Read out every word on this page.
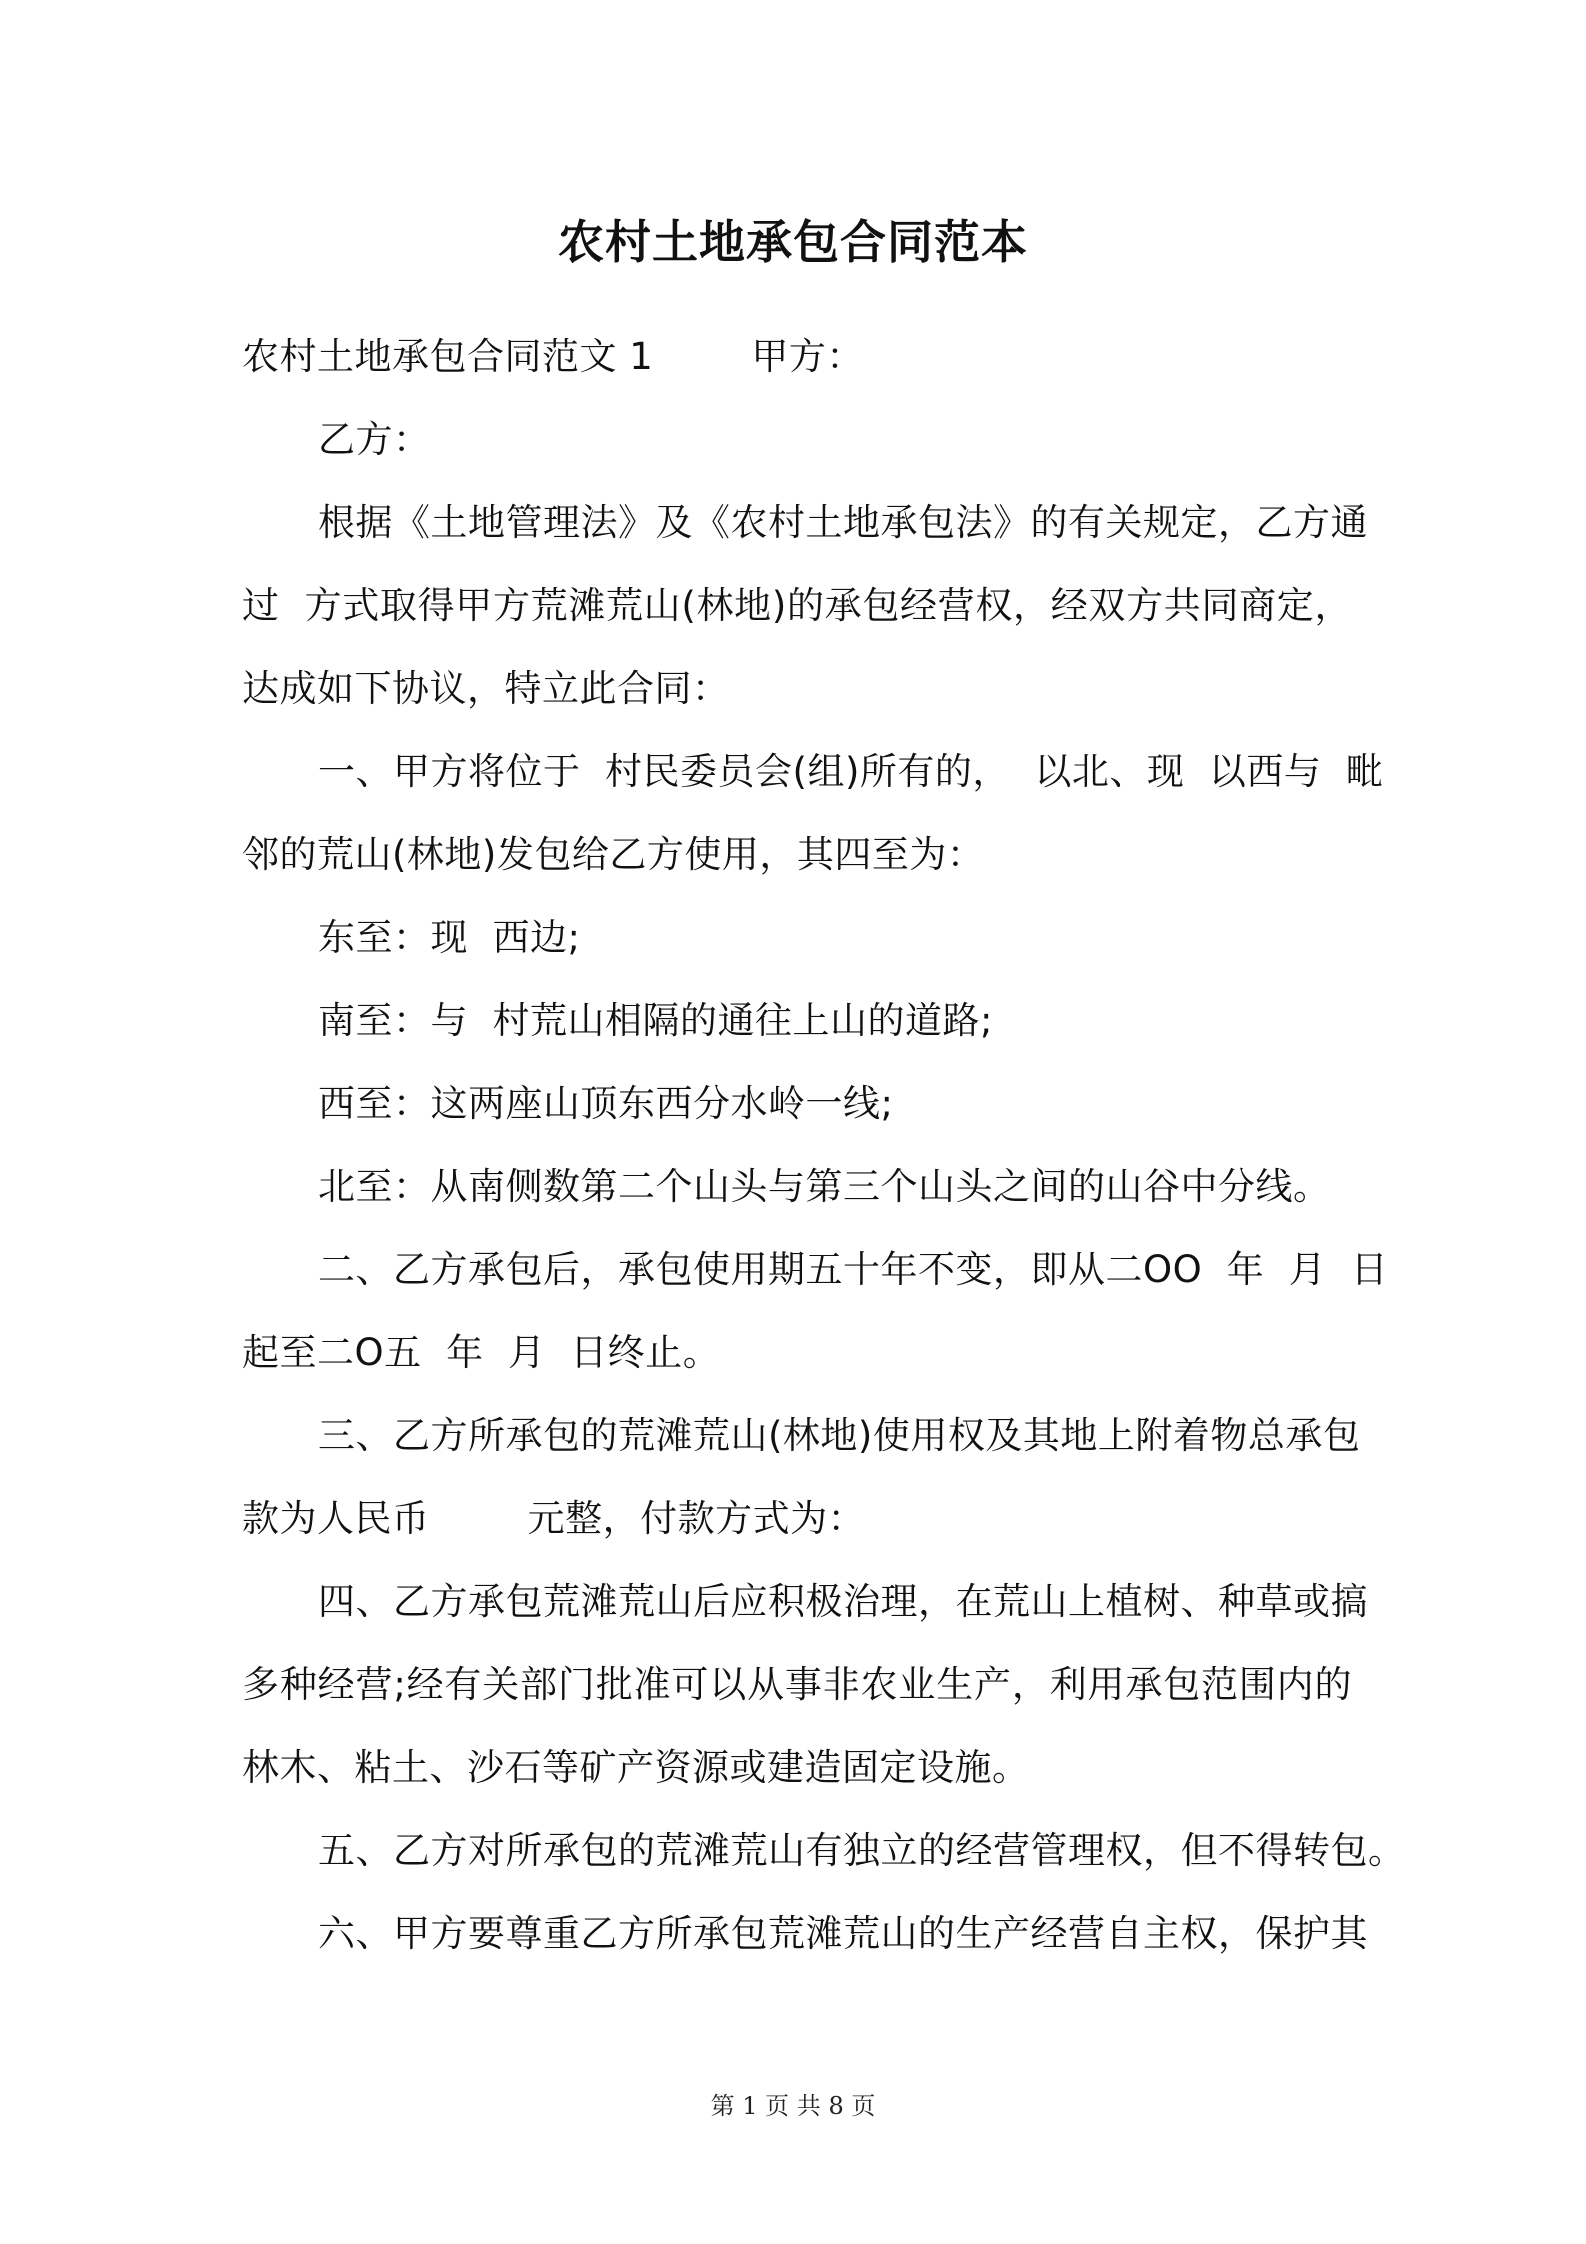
农村土地承包合同范本
农村土地承包合同范文 1        甲方：
乙方：
根据《土地管理法》及《农村土地承包法》的有关规定，乙方通
过  方式取得甲方荒滩荒山(林地)的承包经营权，经双方共同商定，
达成如下协议，特立此合同：
一、甲方将位于  村民委员会(组)所有的，  以北、现  以西与  毗
邻的荒山(林地)发包给乙方使用，其四至为：
东至：现  西边;
南至：与  村荒山相隔的通往上山的道路;
西至：这两座山顶东西分水岭一线;
北至：从南侧数第二个山头与第三个山头之间的山谷中分线。
二、乙方承包后，承包使用期五十年不变，即从二OO  年  月  日
起至二O五  年  月  日终止。
三、乙方所承包的荒滩荒山(林地)使用权及其地上附着物总承包
款为人民币        元整，付款方式为：
四、乙方承包荒滩荒山后应积极治理，在荒山上植树、种草或搞
多种经营;经有关部门批准可以从事非农业生产，利用承包范围内的
林木、粘土、沙石等矿产资源或建造固定设施。
五、乙方对所承包的荒滩荒山有独立的经营管理权，但不得转包。
六、甲方要尊重乙方所承包荒滩荒山的生产经营自主权，保护其
第 1 页 共 8 页
